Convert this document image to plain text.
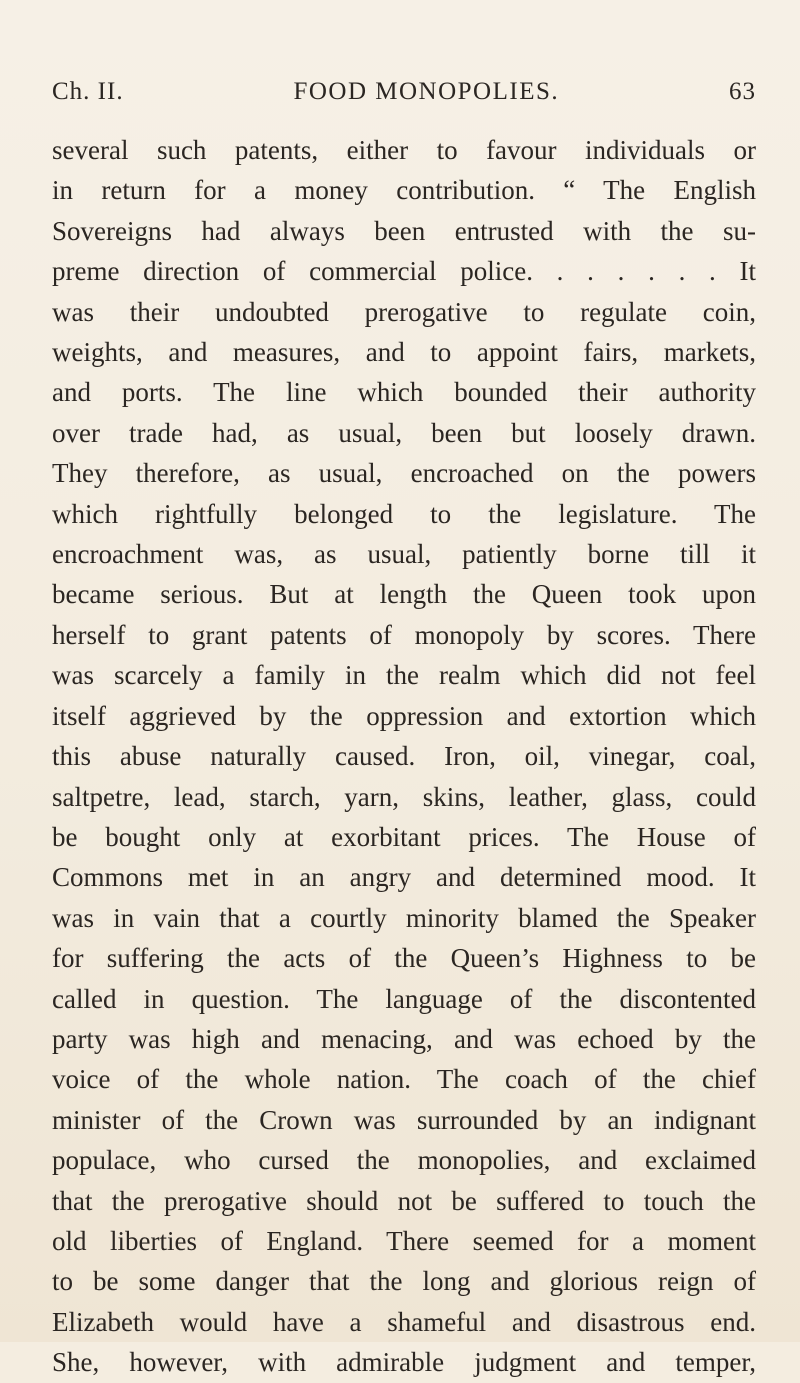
Ch. II.	FOOD MONOPOLIES.	63
several such patents, either to favour individuals or
in return for a money contribution. “ The English
Sovereigns had always been entrusted with the su-
preme direction of commercial police. . . . . . . It
was their undoubted prerogative to regulate coin,
weights, and measures, and to appoint fairs, markets,
and ports. The line which bounded their authority
over trade had, as usual, been but loosely drawn.
They therefore, as usual, encroached on the powers
which rightfully belonged to the legislature. The
encroachment was, as usual, patiently borne till it
became serious. But at length the Queen took upon
herself to grant patents of monopoly by scores. There
was scarcely a family in the realm which did not feel
itself aggrieved by the oppression and extortion which
this abuse naturally caused. Iron, oil, vinegar, coal,
saltpetre, lead, starch, yarn, skins, leather, glass, could
be bought only at exorbitant prices. The House of
Commons met in an angry and determined mood. It
was in vain that a courtly minority blamed the Speaker
for suffering the acts of the Queen’s Highness to be
called in question. The language of the discontented
party was high and menacing, and was echoed by the
voice of the whole nation. The coach of the chief
minister of the Crown was surrounded by an indignant
populace, who cursed the monopolies, and exclaimed
that the prerogative should not be suffered to touch the
old liberties of England. There seemed for a moment
to be some danger that the long and glorious reign of
Elizabeth would have a shameful and disastrous end.
She, however, with admirable judgment and temper,
